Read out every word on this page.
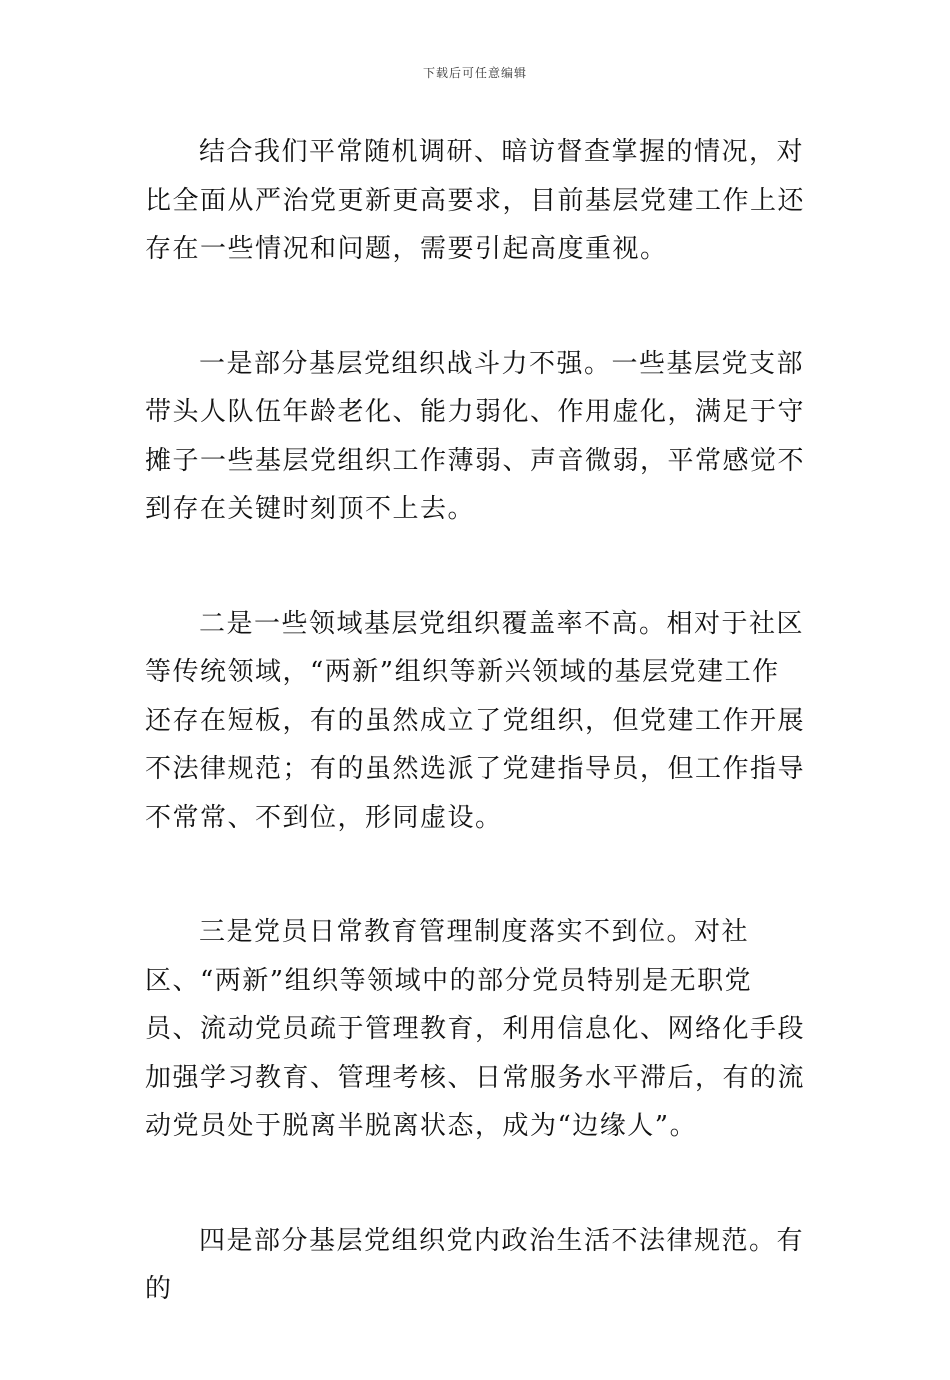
下载后可任意编辑

结合我们平常随机调研、暗访督查掌握的情况，对比全面从严治党更新更高要求，目前基层党建工作上还存在一些情况和问题，需要引起高度重视。

一是部分基层党组织战斗力不强。一些基层党支部带头人队伍年龄老化、能力弱化、作用虚化，满足于守摊子一些基层党组织工作薄弱、声音微弱，平常感觉不到存在关键时刻顶不上去。

二是一些领域基层党组织覆盖率不高。相对于社区等传统领域，“两新”组织等新兴领域的基层党建工作还存在短板，有的虽然成立了党组织，但党建工作开展不法律规范；有的虽然选派了党建指导员，但工作指导不常常、不到位，形同虚设。

三是党员日常教育管理制度落实不到位。对社区、“两新”组织等领域中的部分党员特别是无职党员、流动党员疏于管理教育，利用信息化、网络化手段加强学习教育、管理考核、日常服务水平滞后，有的流动党员处于脱离半脱离状态，成为“边缘人”。

四是部分基层党组织党内政治生活不法律规范。有的
